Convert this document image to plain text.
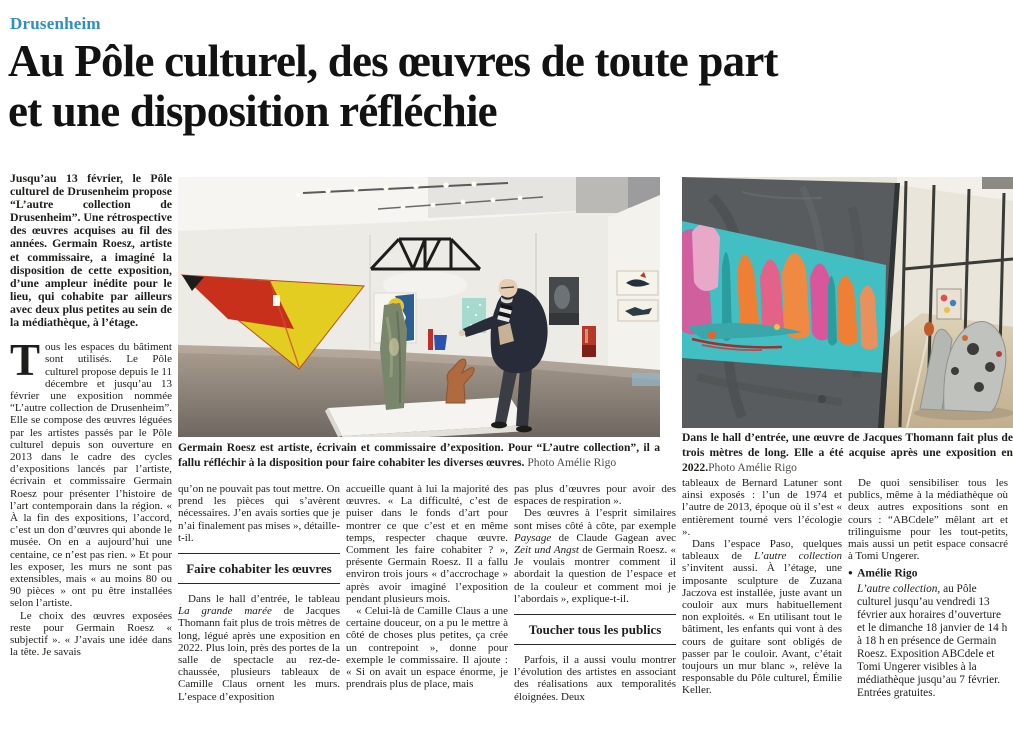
Drusenheim
Au Pôle culturel, des œuvres de toute part
et une disposition réfléchie

Jusqu’au 13 février, le Pôle culturel de Drusenheim propose “L’autre collection de Drusenheim”. Une rétrospective des œuvres acquises au fil des années. Germain Roesz, artiste et commissaire, a imaginé la disposition de cette exposition, d’une ampleur inédite pour le lieu, qui cohabite par ailleurs avec deux plus petites au sein de la médiathèque, à l’étage.

Tous les espaces du bâtiment sont utilisés. Le Pôle culturel propose depuis le 11 décembre et jusqu’au 13 février une exposition nommée “L’autre collection de Drusenheim”. Elle se compose des œuvres léguées par les artistes passés par le Pôle culturel depuis son ouverture en 2013 dans le cadre des cycles d’expositions lancés par l’artiste, écrivain et commissaire Germain Roesz pour présenter l’histoire de l’art contemporain dans la région. « À la fin des expositions, l’accord, c’est un don d’œuvres qui abonde le musée. On en a aujourd’hui une centaine, ce n’est pas rien. » Et pour les exposer, les murs ne sont pas extensibles, mais « au moins 80 ou 90 pièces » ont pu être installées selon l’artiste.

Le choix des œuvres exposées reste pour Germain Roesz « subjectif ». « J’avais une idée dans la tête. Je savais

Germain Roesz est artiste, écrivain et commissaire d’exposition. Pour “L’autre collection”, il a fallu réfléchir à la disposition pour faire cohabiter les diverses œuvres. Photo Amélie Rigo
Dans le hall d’entrée, une œuvre de Jacques Thomann fait plus de trois mètres de long. Elle a été acquise après une exposition en 2022.Photo Amélie Rigo

qu’on ne pouvait pas tout mettre. On prend les pièces qui s’avèrent nécessaires. J’en avais sorties que je n’ai finalement pas mises », détaille-t-il.

Faire cohabiter les œuvres

Dans le hall d’entrée, le tableau La grande marée de Jacques Thomann fait plus de trois mètres de long, légué après une exposition en 2022. Plus loin, près des portes de la salle de spectacle au rez-de-chaussée, plusieurs tableaux de Camille Claus ornent les murs. L’espace d’exposition

accueille quant à lui la majorité des œuvres. « La difficulté, c’est de puiser dans le fonds d’art pour montrer ce que c’est et en même temps, respecter chaque œuvre. Comment les faire cohabiter ? », présente Germain Roesz. Il a fallu environ trois jours « d’accrochage » après avoir imaginé l’exposition pendant plusieurs mois.

« Celui-là de Camille Claus a une certaine douceur, on a pu le mettre à côté de choses plus petites, ça crée un contrepoint », donne pour exemple le commissaire. Il ajoute : « Si on avait un espace énorme, je prendrais plus de place, mais

pas plus d’œuvres pour avoir des espaces de respiration ».

Des œuvres à l’esprit similaires sont mises côté à côte, par exemple Paysage de Claude Gagean avec Zeit und Angst de Germain Roesz. « Je voulais montrer comment il abordait la question de l’espace et de la couleur et comment moi je l’abordais », explique-t-il.

Toucher tous les publics

Parfois, il a aussi voulu montrer l’évolution des artistes en associant des réalisations aux temporalités éloignées. Deux

tableaux de Bernard Latuner sont ainsi exposés : l’un de 1974 et l’autre de 2013, époque où il s’est « entièrement tourné vers l’écologie ».

Dans l’espace Paso, quelques tableaux de L’autre collection s’invitent aussi. À l’étage, une imposante sculpture de Zuzana Jaczova est installée, juste avant un couloir aux murs habituellement non exploités. « En utilisant tout le bâtiment, les enfants qui vont à des cours de guitare sont obligés de passer par le couloir. Avant, c’était toujours un mur blanc », relève la responsable du Pôle culturel, Émilie Keller.

De quoi sensibiliser tous les publics, même à la médiathèque où deux autres expositions sont en cours : “ABCdele” mêlant art et trilinguisme pour les tout-petits, mais aussi un petit espace consacré à Tomi Ungerer.

● Amélie Rigo

L’autre collection, au Pôle culturel jusqu’au vendredi 13 février aux horaires d’ouverture et le dimanche 18 janvier de 14 h à 18 h en présence de Germain Roesz. Exposition ABCdele et Tomi Ungerer visibles à la médiathèque jusqu’au 7 février. Entrées gratuites.
